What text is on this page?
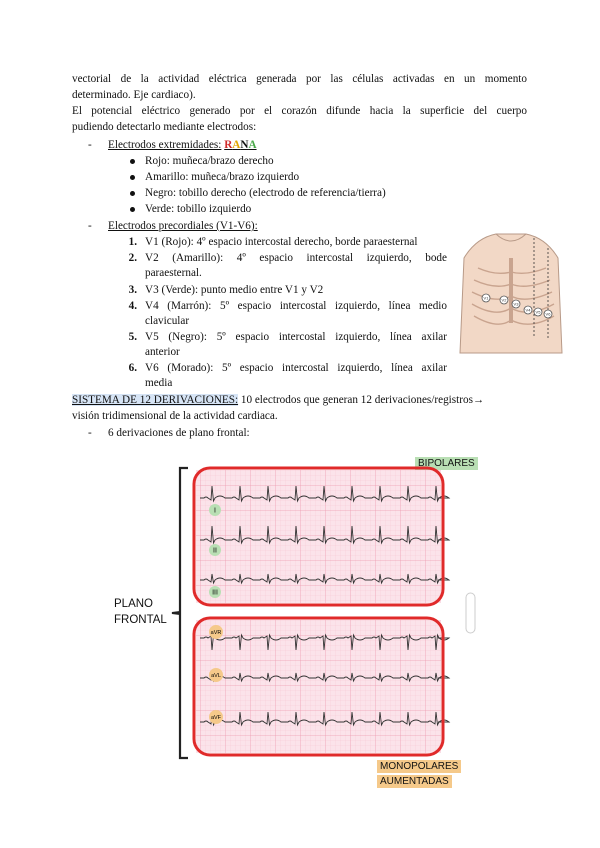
vectorial de la actividad eléctrica generada por las células activadas en un momento
determinado. Eje cardiaco).
El potencial eléctrico generado por el corazón difunde hacia la superficie del cuerpo
pudiendo detectarlo mediante electrodos:
- Electrodos extremidades: RANA
Rojo: muñeca/brazo derecho
Amarillo: muñeca/brazo izquierdo
Negro: tobillo derecho (electrodo de referencia/tierra)
Verde: tobillo izquierdo
- Electrodos precordiales (V1-V6):
1. V1 (Rojo): 4º espacio intercostal derecho, borde paraesternal
2. V2 (Amarillo): 4º espacio intercostal izquierdo, bode
paraesternal.
3. V3 (Verde): punto medio entre V1 y V2
4. V4 (Marrón): 5º espacio intercostal izquierdo, línea medio
clavicular
5. V5 (Negro): 5º espacio intercostal izquierdo, línea axilar
anterior
6. V6 (Morado): 5º espacio intercostal izquierdo, línea axilar
media
V1	V2
V3
V4 V5 V6
SISTEMA DE 12 DERIVACIONES: 10 electrodos que generan 12 derivaciones/registros→
visión tridimensional de la actividad cardiaca.
- 6 derivaciones de plano frontal:
BIPOLARES
I
II
III
aVR
aVL
aVF
PLANO
FRONTAL
MONOPOLARES
AUMENTADAS
